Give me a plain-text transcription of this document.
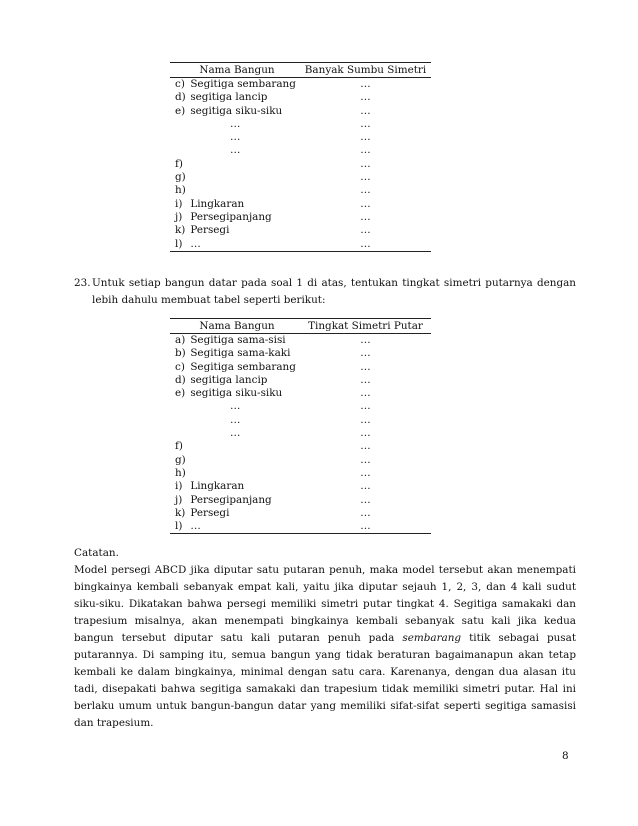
Nama Bangun	Banyak Sumbu Simetri
c) Segitiga sembarang	…
d) segitiga lancip	…
e) segitiga siku-siku	…
…	…
…	…
…	…
f)	…
g)	…
h)	…
i) Lingkaran	…
j) Persegipanjang	…
k) Persegi	…
l) …	…
23. Untuk setiap bangun datar pada soal 1 di atas, tentukan tingkat simetri putarnya dengan lebih dahulu membuat tabel seperti berikut:
Nama Bangun	Tingkat Simetri Putar
a) Segitiga sama-sisi	…
b) Segitiga sama-kaki	…
c) Segitiga sembarang	…
d) segitiga lancip	…
e) segitiga siku-siku	…
…	…
…	…
…	…
f)	…
g)	…
h)	…
i) Lingkaran	…
j) Persegipanjang	…
k) Persegi	…
l) …	…
Catatan.

Model persegi ABCD jika diputar satu putaran penuh, maka model tersebut akan menempati bingkainya kembali sebanyak empat kali, yaitu jika diputar sejauh 1, 2, 3, dan 4 kali sudut siku-siku. Dikatakan bahwa persegi memiliki simetri putar tingkat 4. Segitiga samakaki dan trapesium misalnya, akan menempati bingkainya kembali sebanyak satu kali jika kedua bangun tersebut diputar satu kali putaran penuh pada sembarang titik sebagai pusat putarannya. Di samping itu, semua bangun yang tidak beraturan bagaimanapun akan tetap kembali ke dalam bingkainya, minimal dengan satu cara. Karenanya, dengan dua alasan itu tadi, disepakati bahwa segitiga samakaki dan trapesium tidak memiliki simetri putar. Hal ini berlaku umum untuk bangun-bangun datar yang memiliki sifat-sifat seperti segitiga samasisi dan trapesium.

8
